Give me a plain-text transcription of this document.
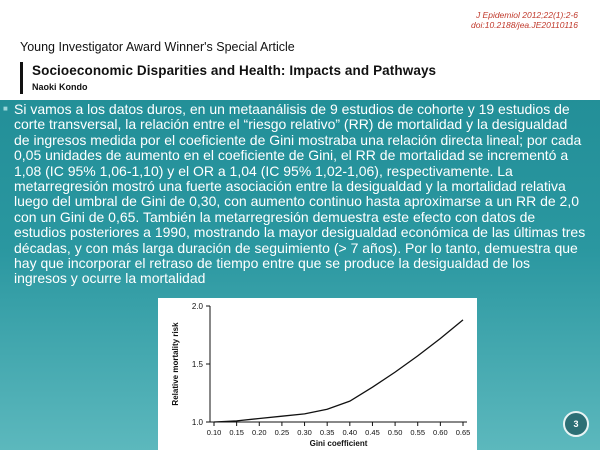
J Epidemiol 2012;22(1):2-6
doi:10.2188/jea.JE20110116
Young Investigator Award Winner's Special Article
Socioeconomic Disparities and Health: Impacts and Pathways
Naoki Kondo
■ Si vamos a los datos duros, en un metaanálisis de 9 estudios de cohorte y 19 estudios de corte transversal, la relación entre el “riesgo relativo” (RR) de mortalidad y la desigualdad de ingresos medida por el coeficiente de Gini mostraba una relación directa lineal; por cada 0,05 unidades de aumento en el coeficiente de Gini, el RR de mortalidad se incrementó a 1,08 (IC 95% 1,06-1,10) y el OR a 1,04 (IC 95% 1,02-1,06), respectivamente. La metarregresión mostró una fuerte asociación entre la desigualdad y la mortalidad relativa luego del umbral de Gini de 0,30, con aumento continuo hasta aproximarse a un RR de 2,0 con un Gini de 0,65. También la metarregresión demuestra este efecto con datos de estudios posteriores a 1990, mostrando la mayor desigualdad económica de las últimas tres décadas, y con más larga duración de seguimiento (> 7 años). Por lo tanto, demuestra que hay que incorporar el retraso de tiempo entre que se produce la desigualdad de los ingresos y ocurre la mortalidad
1.0
1.5
2.0
0.10 0.15 0.20 0.25 0.30 0.35 0.40 0.45 0.50 0.55 0.60 0.65
Gini coefficient
Relative mortality risk
3
